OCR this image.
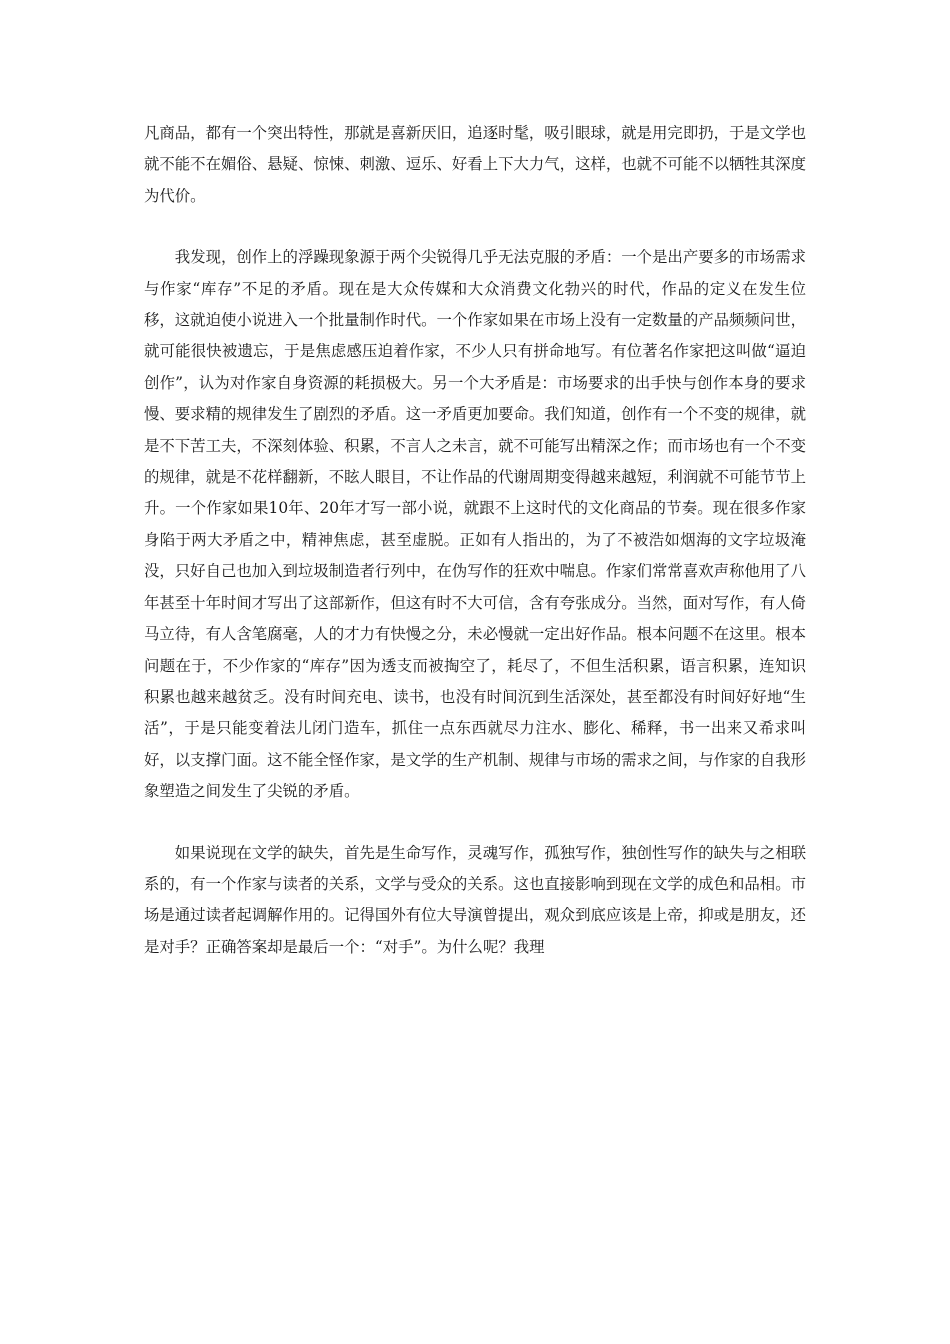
凡商品，都有一个突出特性，那就是喜新厌旧，追逐时髦，吸引眼球，就是用完即扔，于是文学也就不能不在媚俗、悬疑、惊悚、刺激、逗乐、好看上下大力气，这样，也就不可能不以牺牲其深度为代价。

我发现，创作上的浮躁现象源于两个尖锐得几乎无法克服的矛盾：一个是出产要多的市场需求与作家“库存”不足的矛盾。现在是大众传媒和大众消费文化勃兴的时代，作品的定义在发生位移，这就迫使小说进入一个批量制作时代。一个作家如果在市场上没有一定数量的产品频频问世，就可能很快被遗忘，于是焦虑感压迫着作家，不少人只有拼命地写。有位著名作家把这叫做“逼迫创作”，认为对作家自身资源的耗损极大。另一个大矛盾是：市场要求的出手快与创作本身的要求慢、要求精的规律发生了剧烈的矛盾。这一矛盾更加要命。我们知道，创作有一个不变的规律，就是不下苦工夫，不深刻体验、积累，不言人之未言，就不可能写出精深之作；而市场也有一个不变的规律，就是不花样翻新，不眩人眼目，不让作品的代谢周期变得越来越短，利润就不可能节节上升。一个作家如果10年、20年才写一部小说，就跟不上这时代的文化商品的节奏。现在很多作家身陷于两大矛盾之中，精神焦虑，甚至虚脱。正如有人指出的，为了不被浩如烟海的文字垃圾淹没，只好自己也加入到垃圾制造者行列中，在伪写作的狂欢中喘息。作家们常常喜欢声称他用了八年甚至十年时间才写出了这部新作，但这有时不大可信，含有夸张成分。当然，面对写作，有人倚马立待，有人含笔腐毫，人的才力有快慢之分，未必慢就一定出好作品。根本问题不在这里。根本问题在于，不少作家的“库存”因为透支而被掏空了，耗尽了，不但生活积累，语言积累，连知识积累也越来越贫乏。没有时间充电、读书，也没有时间沉到生活深处，甚至都没有时间好好地“生活”，于是只能变着法儿闭门造车，抓住一点东西就尽力注水、膨化、稀释，书一出来又希求叫好，以支撑门面。这不能全怪作家，是文学的生产机制、规律与市场的需求之间，与作家的自我形象塑造之间发生了尖锐的矛盾。

如果说现在文学的缺失，首先是生命写作，灵魂写作，孤独写作，独创性写作的缺失与之相联系的，有一个作家与读者的关系，文学与受众的关系。这也直接影响到现在文学的成色和品相。市场是通过读者起调解作用的。记得国外有位大导演曾提出，观众到底应该是上帝，抑或是朋友，还是对手？正确答案却是最后一个：“对手”。为什么呢？我理
